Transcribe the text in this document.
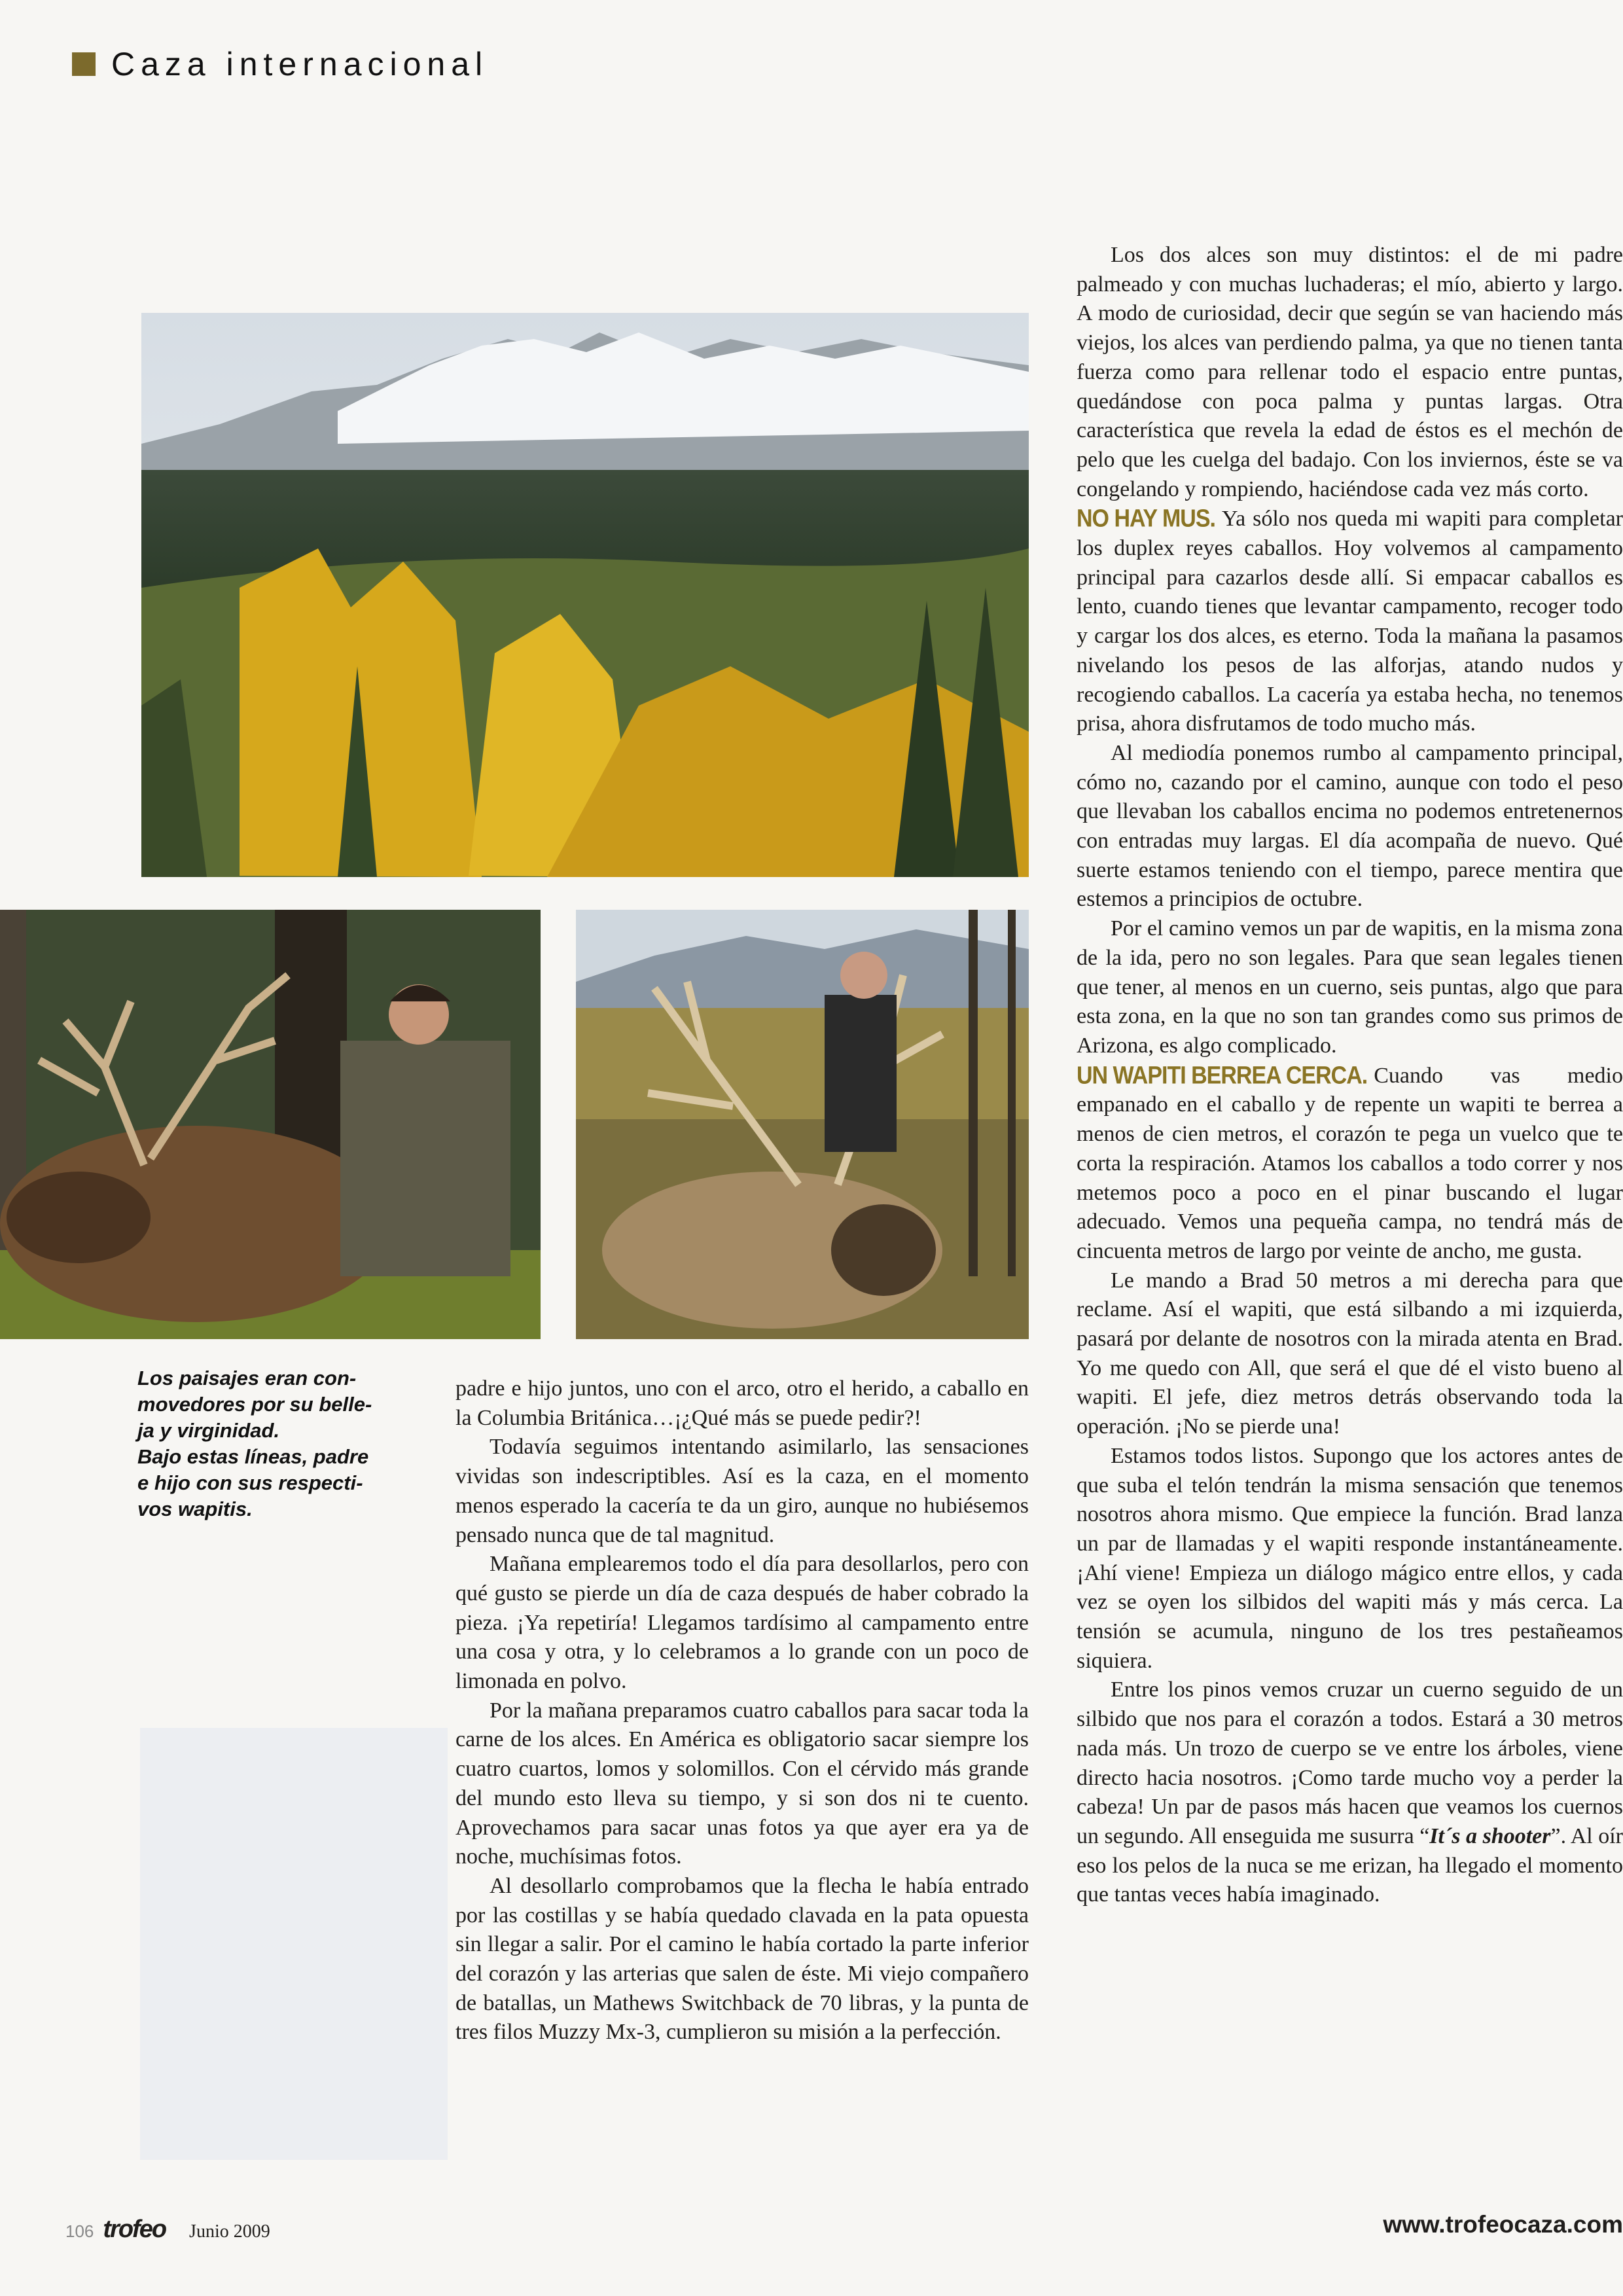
Caza internacional

Los paisajes eran con-

movedores por su belle-

ja y virginidad.

Bajo estas líneas, padre

e hijo con sus respecti-

vos wapitis.

padre e hijo juntos, uno con el arco, otro el herido, a caballo en la Columbia Británica…¡¿Qué más se puede pedir?!

Todavía seguimos intentando asimilarlo, las sensaciones vividas son indescriptibles. Así es la caza, en el momento menos esperado la cacería te da un giro, aunque no hubiésemos pensado nunca que de tal magnitud.

Mañana emplearemos todo el día para desollarlos, pero con qué gusto se pierde un día de caza después de haber cobrado la pieza. ¡Ya repetiría! Llegamos tardísimo al campamento entre una cosa y otra, y lo celebramos a lo grande con un poco de limonada en polvo.

Por la mañana preparamos cuatro caballos para sacar toda la carne de los alces. En América es obligatorio sacar siempre los cuatro cuartos, lomos y solomillos. Con el cérvido más grande del mundo esto lleva su tiempo, y si son dos ni te cuento. Aprovechamos para sacar unas fotos ya que ayer era ya de noche, muchísimas fotos.

Al desollarlo comprobamos que la flecha le había entrado por las costillas y se había quedado clavada en la pata opuesta sin llegar a salir. Por el camino le había cortado la parte inferior del corazón y las arterias que salen de éste. Mi viejo compañero de batallas, un Mathews Switchback de 70 libras, y la punta de tres filos Muzzy Mx-3, cumplieron su misión a la perfección.

Los dos alces son muy distintos: el de mi padre palmeado y con muchas luchaderas; el mío, abierto y largo. A modo de curiosidad, decir que según se van haciendo más viejos, los alces van perdiendo palma, ya que no tienen tanta fuerza como para rellenar todo el espacio entre puntas, quedándose con poca palma y puntas largas. Otra característica que revela la edad de éstos es el mechón de pelo que les cuelga del badajo. Con los inviernos, éste se va congelando y rompiendo, haciéndose cada vez más corto.

NO HAY MUS. Ya sólo nos queda mi wapiti para completar los duplex reyes caballos. Hoy volvemos al campamento principal para cazarlos desde allí. Si empacar caballos es lento, cuando tienes que levantar campamento, recoger todo y cargar los dos alces, es eterno. Toda la mañana la pasamos nivelando los pesos de las alforjas, atando nudos y recogiendo caballos. La cacería ya estaba hecha, no tenemos prisa, ahora disfrutamos de todo mucho más.

Al mediodía ponemos rumbo al campamento principal, cómo no, cazando por el camino, aunque con todo el peso que llevaban los caballos encima no podemos entretenernos con entradas muy largas. El día acompaña de nuevo. Qué suerte estamos teniendo con el tiempo, parece mentira que estemos a principios de octubre.

Por el camino vemos un par de wapitis, en la misma zona de la ida, pero no son legales. Para que sean legales tienen que tener, al menos en un cuerno, seis puntas, algo que para esta zona, en la que no son tan grandes como sus primos de Arizona, es algo complicado.

UN WAPITI BERREA CERCA. Cuando vas medio empanado en el caballo y de repente un wapiti te berrea a menos de cien metros, el corazón te pega un vuelco que te corta la respiración. Atamos los caballos a todo correr y nos metemos poco a poco en el pinar buscando el lugar adecuado. Vemos una pequeña campa, no tendrá más de cincuenta metros de largo por veinte de ancho, me gusta.

Le mando a Brad 50 metros a mi derecha para que reclame. Así el wapiti, que está silbando a mi izquierda, pasará por delante de nosotros con la mirada atenta en Brad. Yo me quedo con All, que será el que dé el visto bueno al wapiti. El jefe, diez metros detrás observando toda la operación. ¡No se pierde una!

Estamos todos listos. Supongo que los actores antes de que suba el telón tendrán la misma sensación que tenemos nosotros ahora mismo. Que empiece la función. Brad lanza un par de llamadas y el wapiti responde instantáneamente. ¡Ahí viene! Empieza un diálogo mágico entre ellos, y cada vez se oyen los silbidos del wapiti más y más cerca. La tensión se acumula, ninguno de los tres pestañeamos siquiera.

Entre los pinos vemos cruzar un cuerno seguido de un silbido que nos para el corazón a todos. Estará a 30 metros nada más. Un trozo de cuerpo se ve entre los árboles, viene directo hacia nosotros. ¡Como tarde mucho voy a perder la cabeza! Un par de pasos más hacen que veamos los cuernos un segundo. All enseguida me susurra “It´s a shooter”. Al oír eso los pelos de la nuca se me erizan, ha llegado el momento que tantas veces había imaginado.

106 trofeo Junio 2009	www.trofeocaza.com
